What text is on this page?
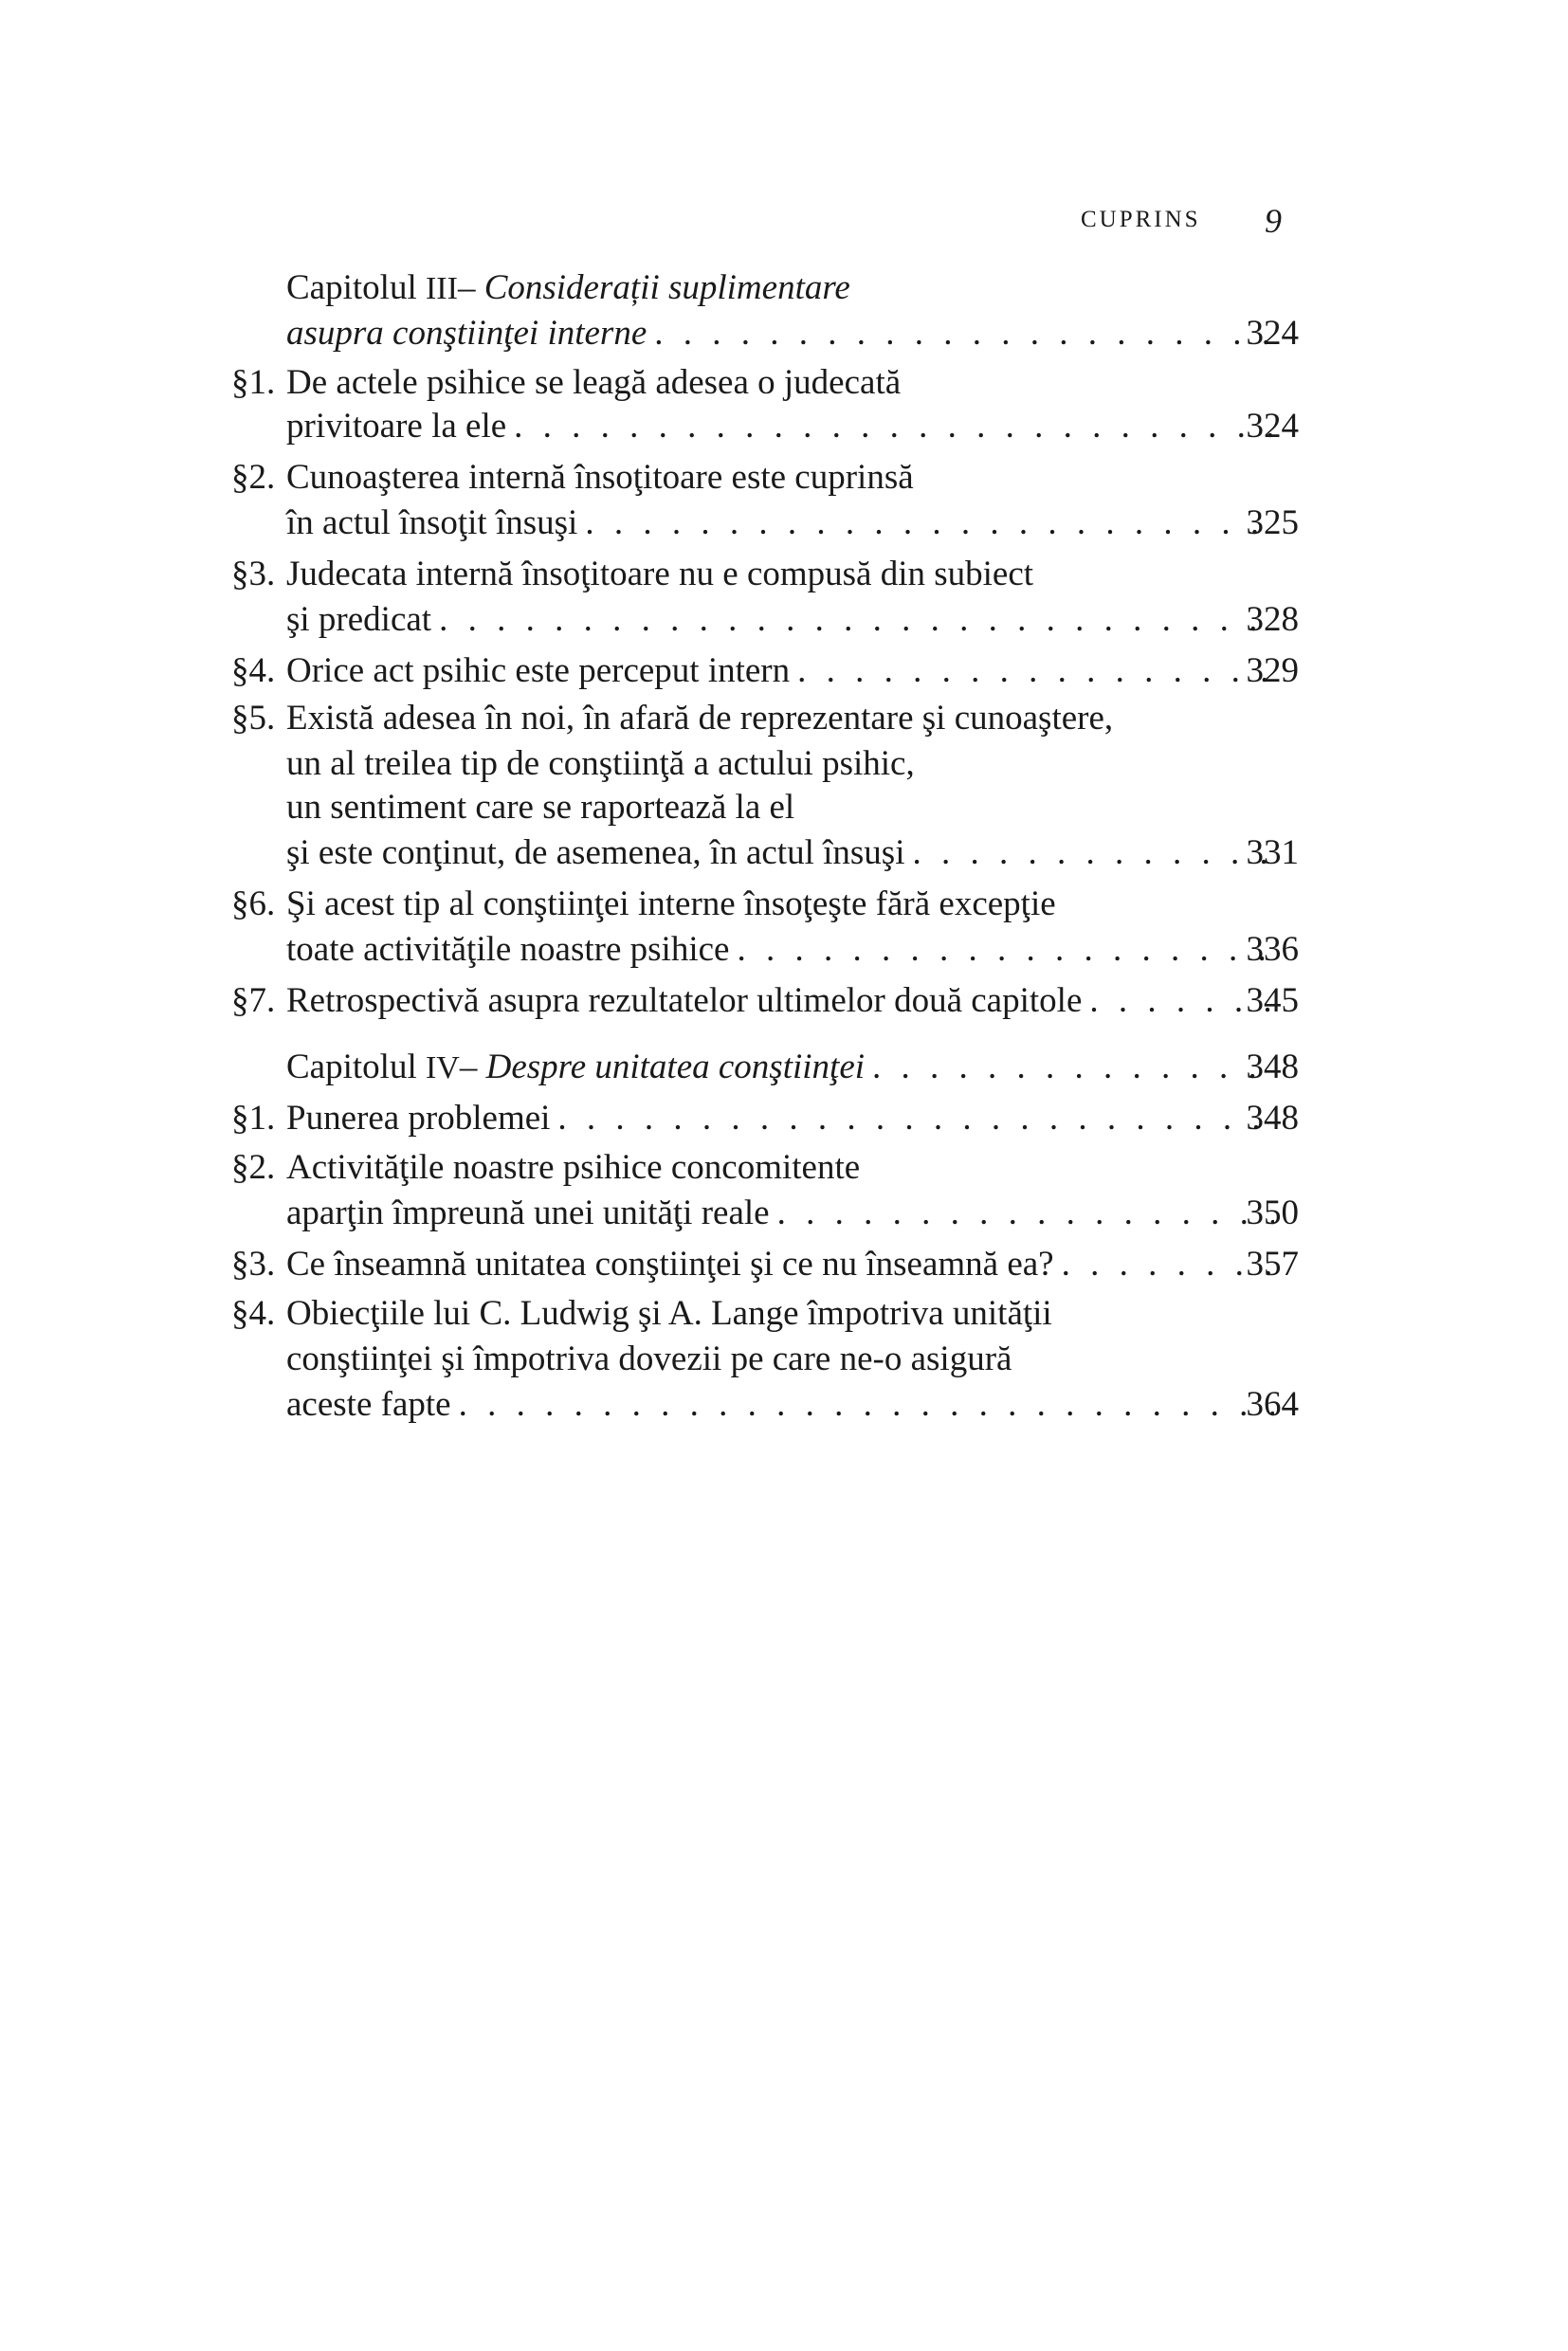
CUPRINS 9
Capitolul III– Considerații suplimentare
asupra conştiinţei interne . . .	324
§1. De actele psihice se leagă adesea o judecată
privitoare la ele . . .	324
§2. Cunoaşterea internă însoţitoare este cuprinsă
în actul însoţit însuşi . . .	325
§3. Judecata internă însoţitoare nu e compusă din subiect
şi predicat . . .	328
§4. Orice act psihic este perceput intern . . .	329
§5. Există adesea în noi, în afară de reprezentare şi cunoaştere,
un al treilea tip de conştiinţă a actului psihic,
un sentiment care se raportează la el
şi este conţinut, de asemenea, în actul însuşi . . .	331
§6. Şi acest tip al conştiinţei interne însoţeşte fără excepţie
toate activităţile noastre psihice . . .	336
§7. Retrospectivă asupra rezultatelor ultimelor două capitole . . .	345
Capitolul IV– Despre unitatea conştiinţei . . .	348
§1. Punerea problemei . . .	348
§2. Activităţile noastre psihice concomitente
aparţin împreună unei unităţi reale . . .	350
§3. Ce înseamnă unitatea conştiinţei şi ce nu înseamnă ea? . . .	357
§4. Obiecţiile lui C. Ludwig şi A. Lange împotriva unităţii
conştiinţei şi împotriva dovezii pe care ne-o asigură
aceste fapte . . .	364
